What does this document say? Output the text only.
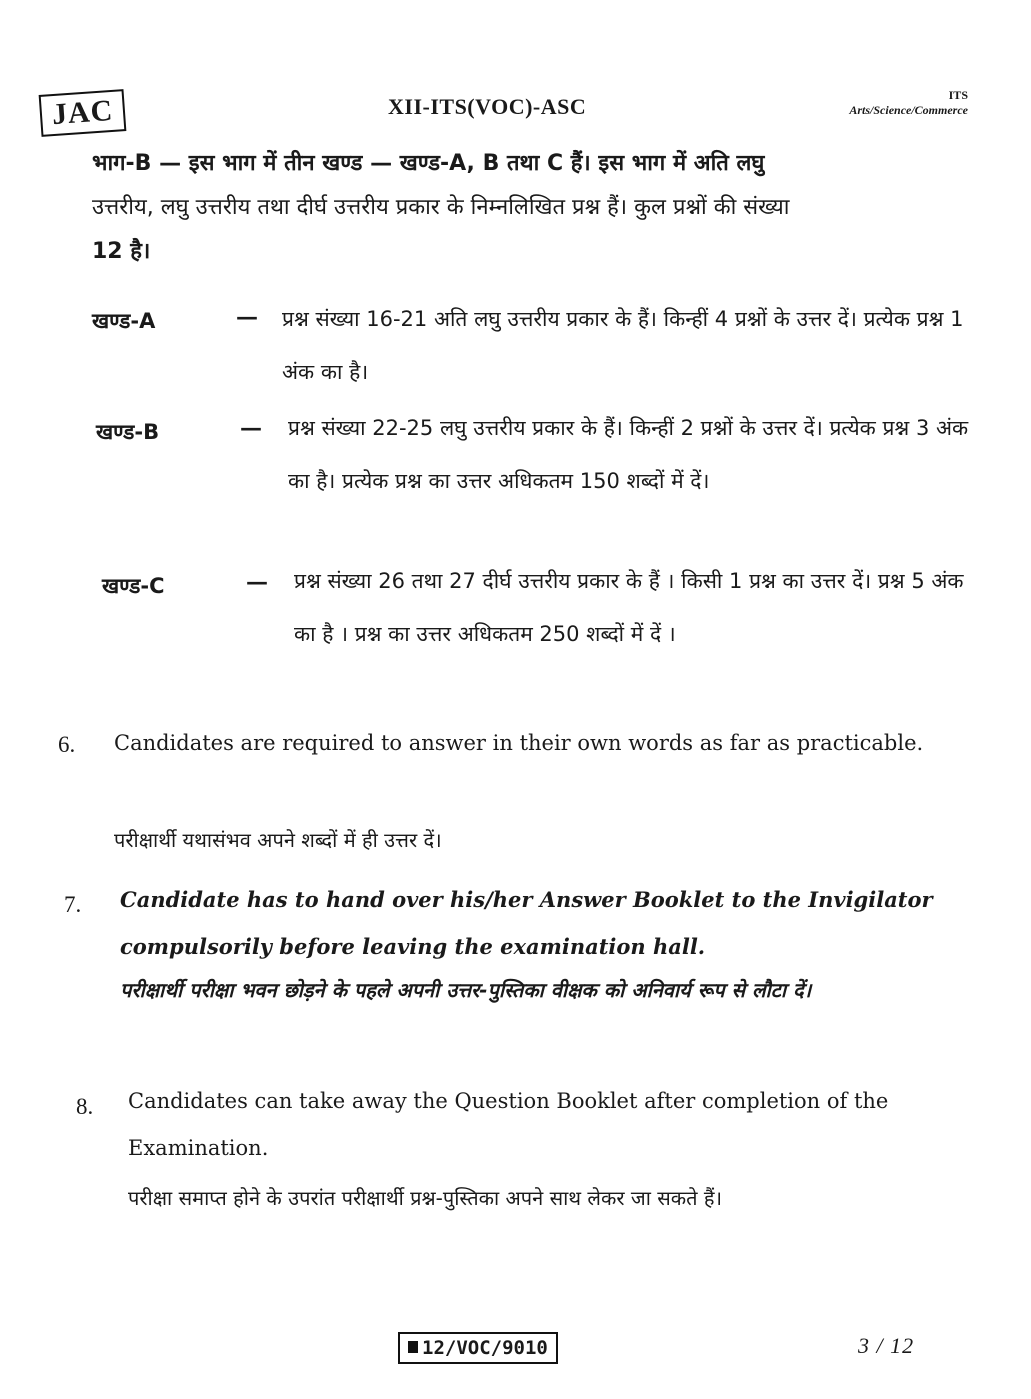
JAC	XII-ITS(VOC)-ASC	ITS
Arts/Science/Commerce
भाग-B — इस भाग में तीन खण्ड — खण्ड-A, B तथा C हैं। इस भाग में अति लघु
उत्तरीय, लघु उत्तरीय तथा दीर्घ उत्तरीय प्रकार के निम्नलिखित प्रश्न हैं। कुल प्रश्नों की संख्या
12 है।
खण्ड-A	— प्रश्न संख्या 16-21 अति लघु उत्तरीय प्रकार के हैं। किन्हीं 4 प्रश्नों के उत्तर दें। प्रत्येक प्रश्न 1 अंक का है।
खण्ड-B	— प्रश्न संख्या 22-25 लघु उत्तरीय प्रकार के हैं। किन्हीं 2 प्रश्नों के उत्तर दें। प्रत्येक प्रश्न 3 अंक का है। प्रत्येक प्रश्न का उत्तर अधिकतम 150 शब्दों में दें।
खण्ड-C	— प्रश्न संख्या 26 तथा 27 दीर्घ उत्तरीय प्रकार के हैं । किसी 1 प्रश्न का उत्तर दें। प्रश्न 5 अंक का है । प्रश्न का उत्तर अधिकतम 250 शब्दों में दें ।
6. Candidates are required to answer in their own words as far as practicable.
परीक्षार्थी यथासंभव अपने शब्दों में ही उत्तर दें।
7. Candidate has to hand over his/her Answer Booklet to the Invigilator compulsorily before leaving the examination hall.
परीक्षार्थी परीक्षा भवन छोड़ने के पहले अपनी उत्तर-पुस्तिका वीक्षक को अनिवार्य रूप से लौटा दें।
8. Candidates can take away the Question Booklet after completion of the Examination.
परीक्षा समाप्त होने के उपरांत परीक्षार्थी प्रश्न-पुस्तिका अपने साथ लेकर जा सकते हैं।
12/VOC/9010	3 / 12
